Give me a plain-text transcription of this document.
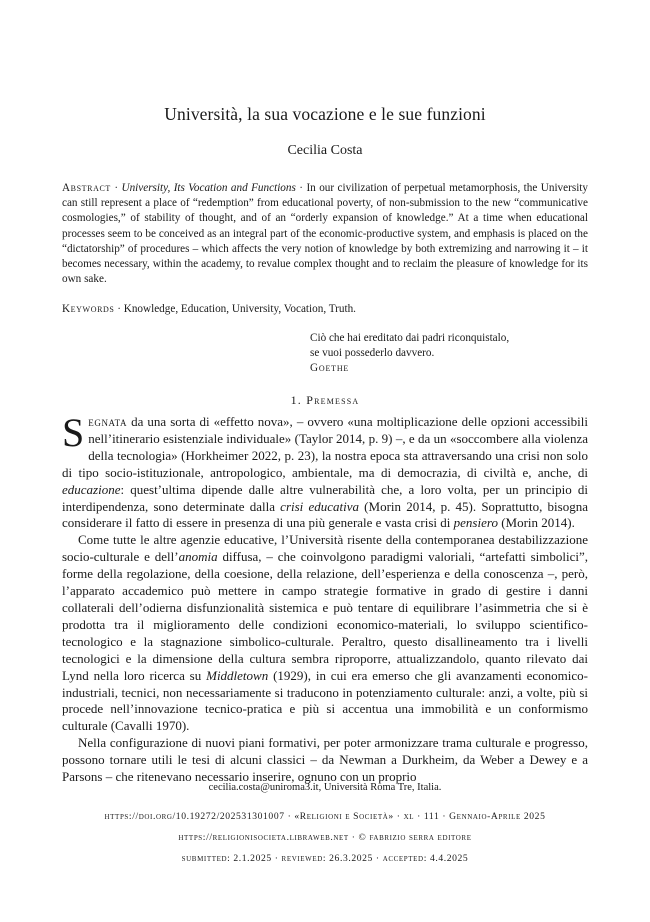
Università, la sua vocazione e le sue funzioni
Cecilia Costa
Abstract · University, Its Vocation and Functions · In our civilization of perpetual metamorphosis, the University can still represent a place of “redemption” from educational poverty, of non-submission to the new “communicative cosmologies,” of stability of thought, and of an “orderly expansion of knowledge.” At a time when educational processes seem to be conceived as an integral part of the economic-productive system, and emphasis is placed on the “dictatorship” of procedures – which affects the very notion of knowledge by both extremizing and narrowing it – it becomes necessary, within the academy, to revalue complex thought and to reclaim the pleasure of knowledge for its own sake.
Keywords · Knowledge, Education, University, Vocation, Truth.
Ciò che hai ereditato dai padri riconquistalo,
se vuoi possederlo davvero.
Goethe
1. Premessa

Segnata da una sorta di «effetto nova», – ovvero «una moltiplicazione delle opzioni accessibili nell’itinerario esistenziale individuale» (Taylor 2014, p. 9) –, e da un «soccombere alla violenza della tecnologia» (Horkheimer 2022, p. 23), la nostra epoca sta attraversando una crisi non solo di tipo socio-istituzionale, antropologico, ambientale, ma di democrazia, di civiltà e, anche, di educazione: quest’ultima dipende dalle altre vulnerabilità che, a loro volta, per un principio di interdipendenza, sono determinate dalla crisi educativa (Morin 2014, p. 45). Soprattutto, bisogna considerare il fatto di essere in presenza di una più generale e vasta crisi di pensiero (Morin 2014).

Come tutte le altre agenzie educative, l’Università risente della contemporanea destabilizzazione socio-culturale e dell’anomia diffusa, – che coinvolgono paradigmi valoriali, “artefatti simbolici”, forme della regolazione, della coesione, della relazione, dell’esperienza e della conoscenza –, però, l’apparato accademico può mettere in campo strategie formative in grado di gestire i danni collaterali dell’odierna disfunzionalità sistemica e può tentare di equilibrare l’asimmetria che si è prodotta tra il miglioramento delle condizioni economico-materiali, lo sviluppo scientifico-tecnologico e la stagnazione simbolico-culturale. Peraltro, questo disallineamento tra i livelli tecnologici e la dimensione della cultura sembra riproporre, attualizzandolo, quanto rilevato dai Lynd nella loro ricerca su Middletown (1929), in cui era emerso che gli avanzamenti economico-industriali, tecnici, non necessariamente si traducono in potenziamento culturale: anzi, a volte, più si procede nell’innovazione tecnico-pratica e più si accentua una immobilità e un conformismo culturale (Cavalli 1970).

Nella configurazione di nuovi piani formativi, per poter armonizzare trama culturale e progresso, possono tornare utili le tesi di alcuni classici – da Newman a Durkheim, da Weber a Dewey e a Parsons – che ritenevano necessario inserire, ognuno con un proprio

cecilia.costa@uniroma3.it, Università Roma Tre, Italia.
https://doi.org/10.19272/202531301007 · «Religioni e Società» · xl · 111 · Gennaio-Aprile 2025
https://religionisocieta.libraweb.net · © fabrizio serra editore
submitted: 2.1.2025 · reviewed: 26.3.2025 · accepted: 4.4.2025
